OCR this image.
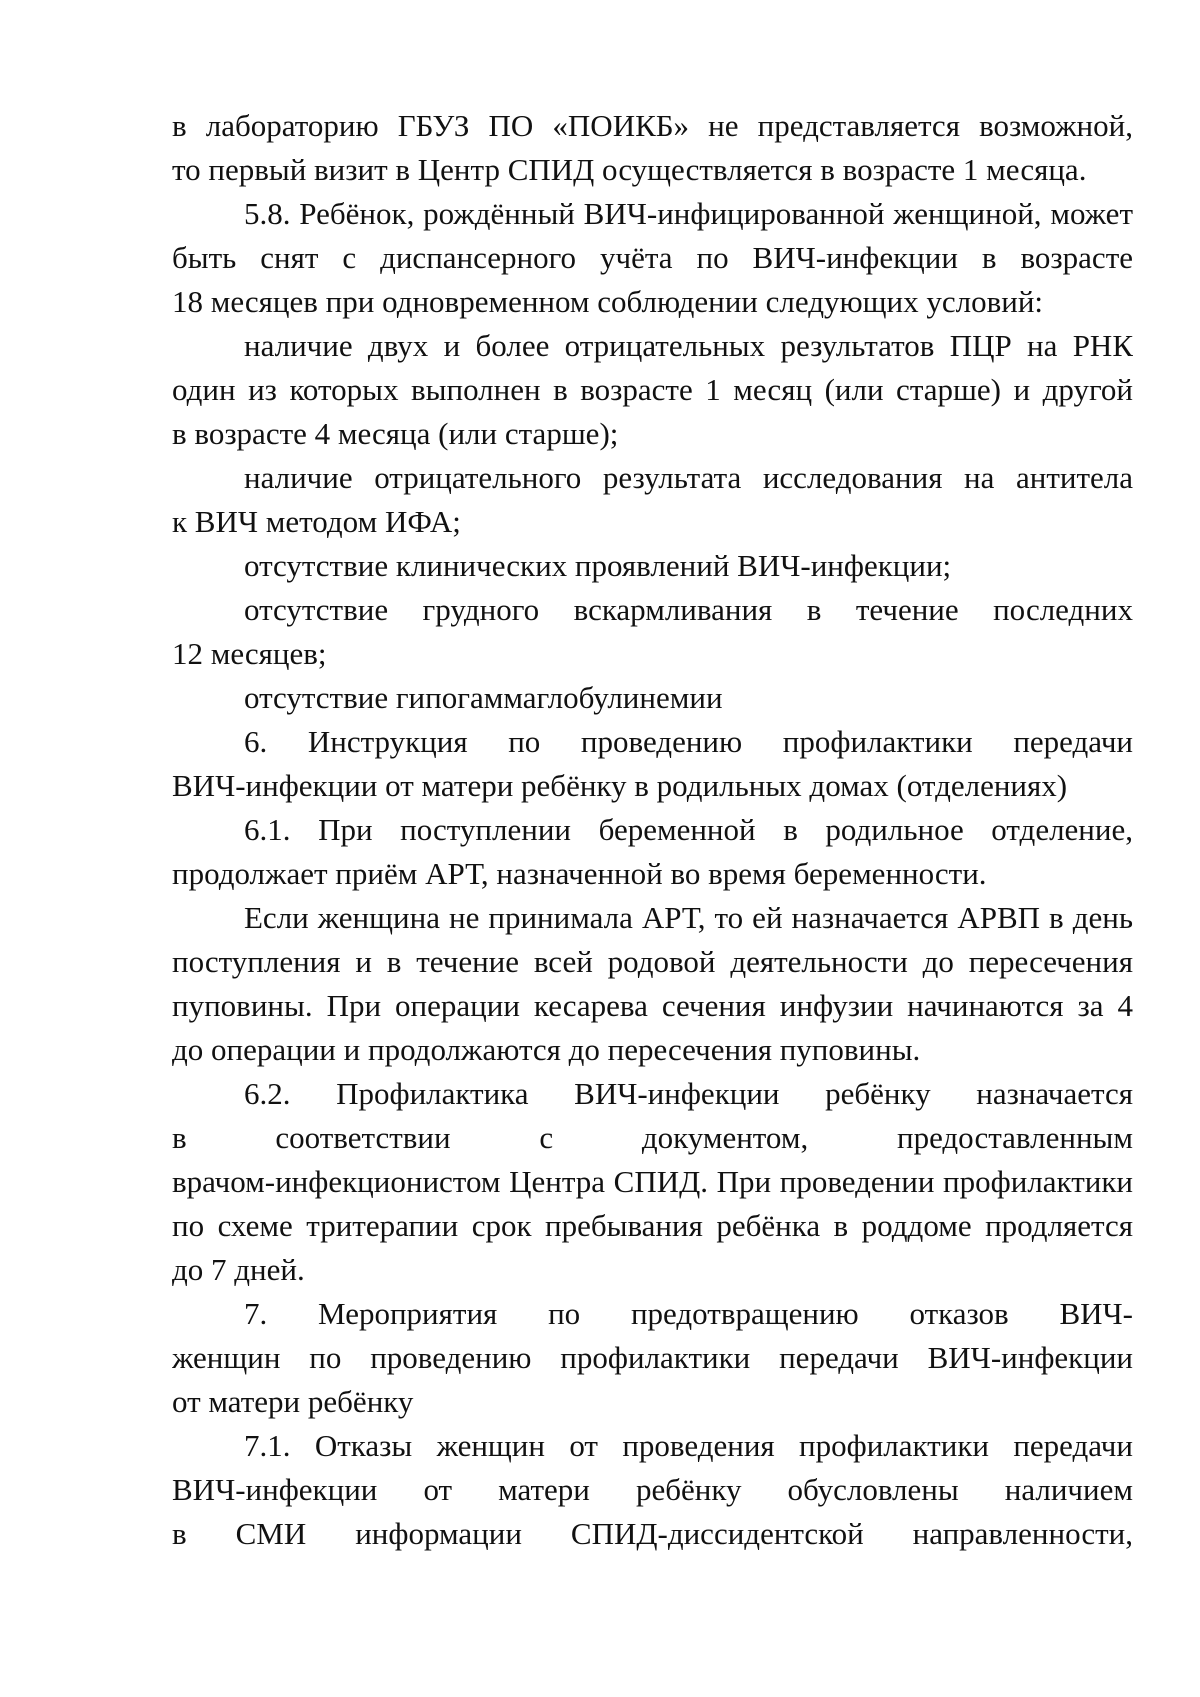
в лабораторию ГБУЗ ПО «ПОИКБ» не представляется возможной,
то первый визит в Центр СПИД осуществляется в возрасте 1 месяца.
5.8. Ребёнок, рождённый ВИЧ-инфицированной женщиной, может
быть снят с диспансерного учёта по ВИЧ-инфекции в возрасте
18 месяцев при одновременном соблюдении следующих условий:
наличие двух и более отрицательных результатов ПЦР на РНК
один из которых выполнен в возрасте 1 месяц (или старше) и другой
в возрасте 4 месяца (или старше);
наличие отрицательного результата исследования на антитела
к ВИЧ методом ИФА;
отсутствие клинических проявлений ВИЧ-инфекции;
отсутствие грудного вскармливания в течение последних
12 месяцев;
отсутствие гипогаммаглобулинемии
6. Инструкция по проведению профилактики передачи
ВИЧ-инфекции от матери ребёнку в родильных домах (отделениях)
6.1. При поступлении беременной в родильное отделение,
продолжает приём АРТ, назначенной во время беременности.
Если женщина не принимала АРТ, то ей назначается АРВП в день
поступления и в течение всей родовой деятельности до пересечения
пуповины. При операции кесарева сечения инфузии начинаются за 4
до операции и продолжаются до пересечения пуповины.
6.2. Профилактика ВИЧ-инфекции ребёнку назначается
в соответствии с документом, предоставленным
врачом-инфекционистом Центра СПИД. При проведении профилактики
по схеме тритерапии срок пребывания ребёнка в роддоме продляется
до 7 дней.
7. Мероприятия по предотвращению отказов ВИЧ-
женщин по проведению профилактики передачи ВИЧ-инфекции
от матери ребёнку
7.1. Отказы женщин от проведения профилактики передачи
ВИЧ-инфекции от матери ребёнку обусловлены наличием
в СМИ информации СПИД-диссидентской направленности,
